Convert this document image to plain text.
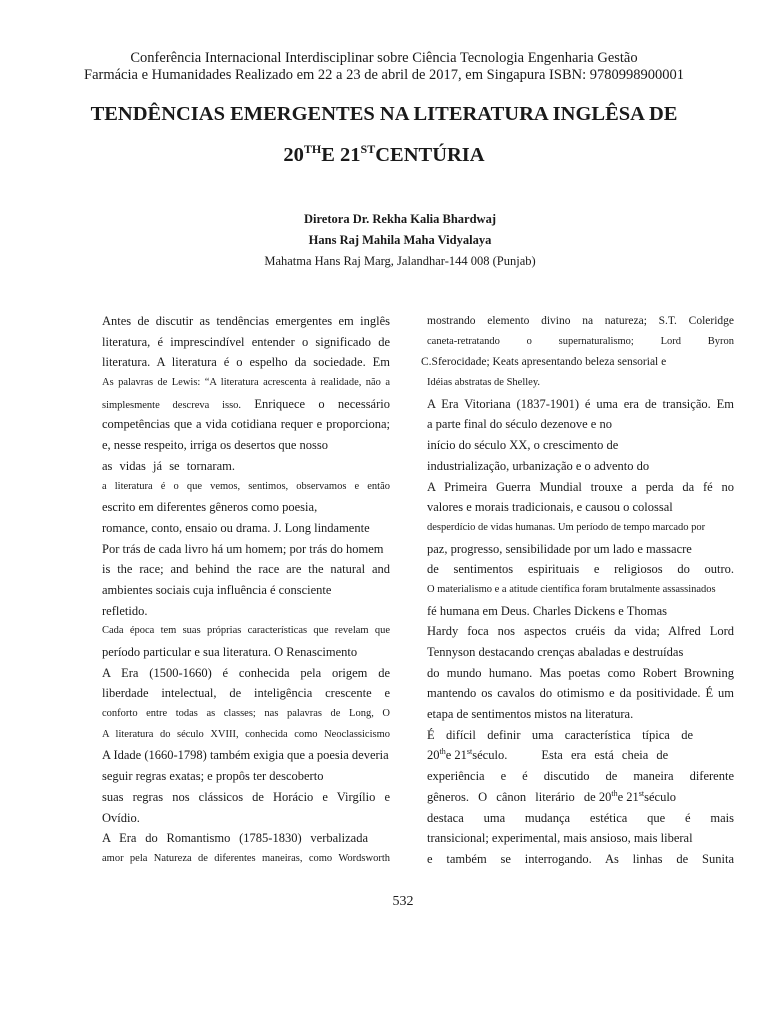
Conferência Internacional Interdisciplinar sobre Ciência Tecnologia Engenharia Gestão
Farmácia e Humanidades Realizado em 22 a 23 de abril de 2017, em Singapura ISBN: 9780998900001
TENDÊNCIAS EMERGENTES NA LITERATURA INGLÊSA DE
20THE 21STCENTÚRIA
Diretora Dr. Rekha Kalia Bhardwaj
Hans Raj Mahila Maha Vidyalaya
Mahatma Hans Raj Marg, Jalandhar-144 008 (Punjab)
Antes de discutir as tendências emergentes em inglês
literatura, é imprescindível entender o significado de
literatura. A literatura é o espelho da sociedade. Em
As palavras de Lewis: “A literatura acrescenta à realidade, não a
simplesmente descreva isso. Enriquece o necessário
competências que a vida cotidiana requer e proporciona;
e, nesse respeito, irriga os desertos que nosso
as vidas já se tornaram.
a literatura é o que vemos, sentimos, observamos e então
escrito em diferentes gêneros como poesia,
romance, conto, ensaio ou drama. J. Long lindamente
Por trás de cada livro há um homem; por trás do homem
is the race; and behind the race are the natural and
ambientes sociais cuja influência é consciente
refletido.
Cada época tem suas próprias características que revelam que
período particular e sua literatura. O Renascimento
A Era (1500-1660) é conhecida pela origem de
liberdade intelectual, de inteligência crescente e
conforto entre todas as classes; nas palavras de Long, O
A literatura do século XVIII, conhecida como Neoclassicismo
A Idade (1660-1798) também exigia que a poesia deveria
seguir regras exatas; e propôs ter descoberto
suas regras nos clássicos de Horácio e Virgílio e
Ovídio.
A Era do Romantismo (1785-1830) verbalizada
amor pela Natureza de diferentes maneiras, como Wordsworth
mostrando elemento divino na natureza; S.T. Coleridge
caneta-retratando o supernaturalismo; Lord Byron
C.Sferocidade; Keats apresentando beleza sensorial e
Idéias abstratas de Shelley.
A Era Vitoriana (1837-1901) é uma era de transição. Em
a parte final do século dezenove e no
início do século XX, o crescimento de
industrialização, urbanização e o advento do
A Primeira Guerra Mundial trouxe a perda da fé no
valores e morais tradicionais, e causou o colossal
desperdício de vidas humanas. Um período de tempo marcado por
paz, progresso, sensibilidade por um lado e massacre
de sentimentos espirituais e religiosos do outro.
O materialismo e a atitude científica foram brutalmente assassinados
fé humana em Deus. Charles Dickens e Thomas
Hardy foca nos aspectos cruéis da vida; Alfred Lord
Tennyson destacando crenças abaladas e destruídas
do mundo humano. Mas poetas como Robert Browning
mantendo os cavalos do otimismo e da positividade. É um
etapa de sentimentos mistos na literatura.
É difícil definir uma característica típica de
20the 21stséculo.	Esta era está cheia de
experiência e é discutido de maneira diferente
gêneros. O cânon literário de 20the 21stséculo
destaca uma mudança estética que é mais
transicional; experimental, mais ansioso, mais liberal
e também se interrogando. As linhas de Sunita
532
